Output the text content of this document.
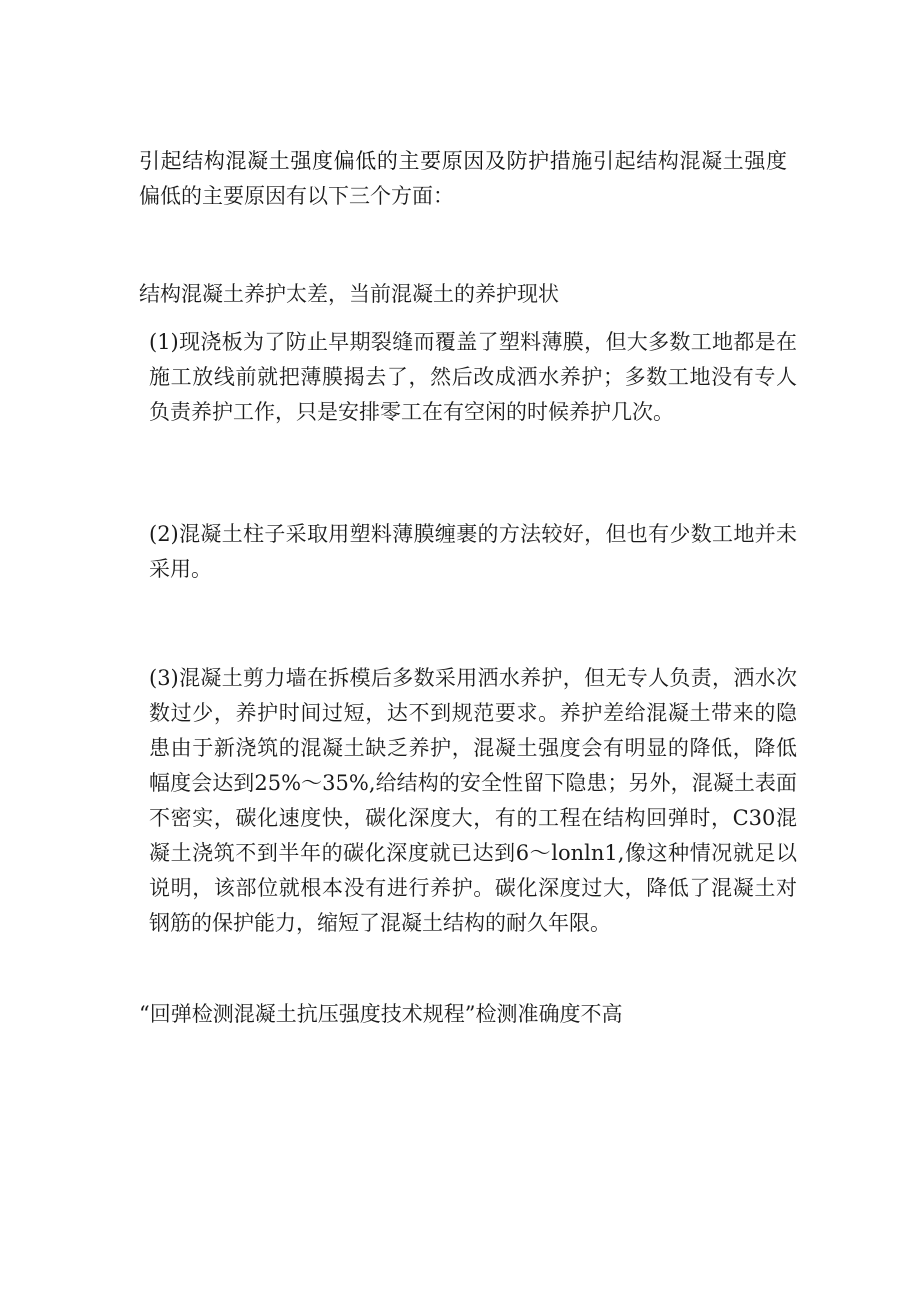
引起结构混凝土强度偏低的主要原因及防护措施引起结构混凝土强度偏低的主要原因有以下三个方面：

结构混凝土养护太差，当前混凝土的养护现状

(1)现浇板为了防止早期裂缝而覆盖了塑料薄膜，但大多数工地都是在施工放线前就把薄膜揭去了，然后改成洒水养护；多数工地没有专人负责养护工作，只是安排零工在有空闲的时候养护几次。

(2)混凝土柱子采取用塑料薄膜缠裹的方法较好，但也有少数工地并未采用。

(3)混凝土剪力墙在拆模后多数采用洒水养护，但无专人负责，洒水次数过少，养护时间过短，达不到规范要求。养护差给混凝土带来的隐患由于新浇筑的混凝土缺乏养护，混凝土强度会有明显的降低，降低幅度会达到25%～35%,给结构的安全性留下隐患；另外，混凝土表面不密实，碳化速度快，碳化深度大，有的工程在结构回弹时，C30混凝土浇筑不到半年的碳化深度就已达到6～lonln1,像这种情况就足以说明，该部位就根本没有进行养护。碳化深度过大，降低了混凝土对钢筋的保护能力，缩短了混凝土结构的耐久年限。

“回弹检测混凝土抗压强度技术规程”检测准确度不高
